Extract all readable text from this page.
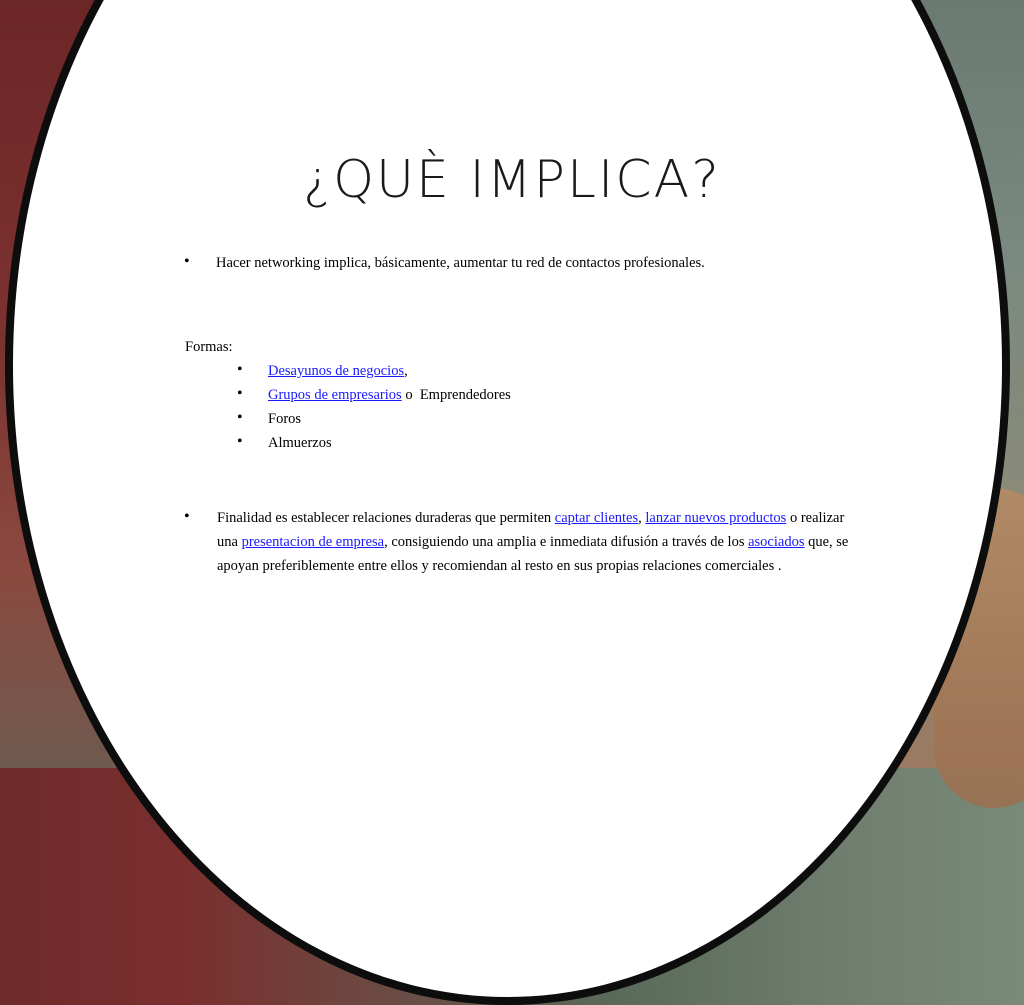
¿QUÈ IMPLICA?
• Hacer networking implica, básicamente, aumentar tu red de contactos profesionales.
Formas:
• Desayunos de negocios,
• Grupos de empresarios o  Emprendedores
• Foros
• Almuerzos
• Finalidad es establecer relaciones duraderas que permiten captar clientes, lanzar nuevos productos o realizar una presentacion de empresa, consiguiendo una amplia e inmediata difusión a través de los asociados que, se apoyan preferiblemente entre ellos y recomiendan al resto en sus propias relaciones comerciales .
